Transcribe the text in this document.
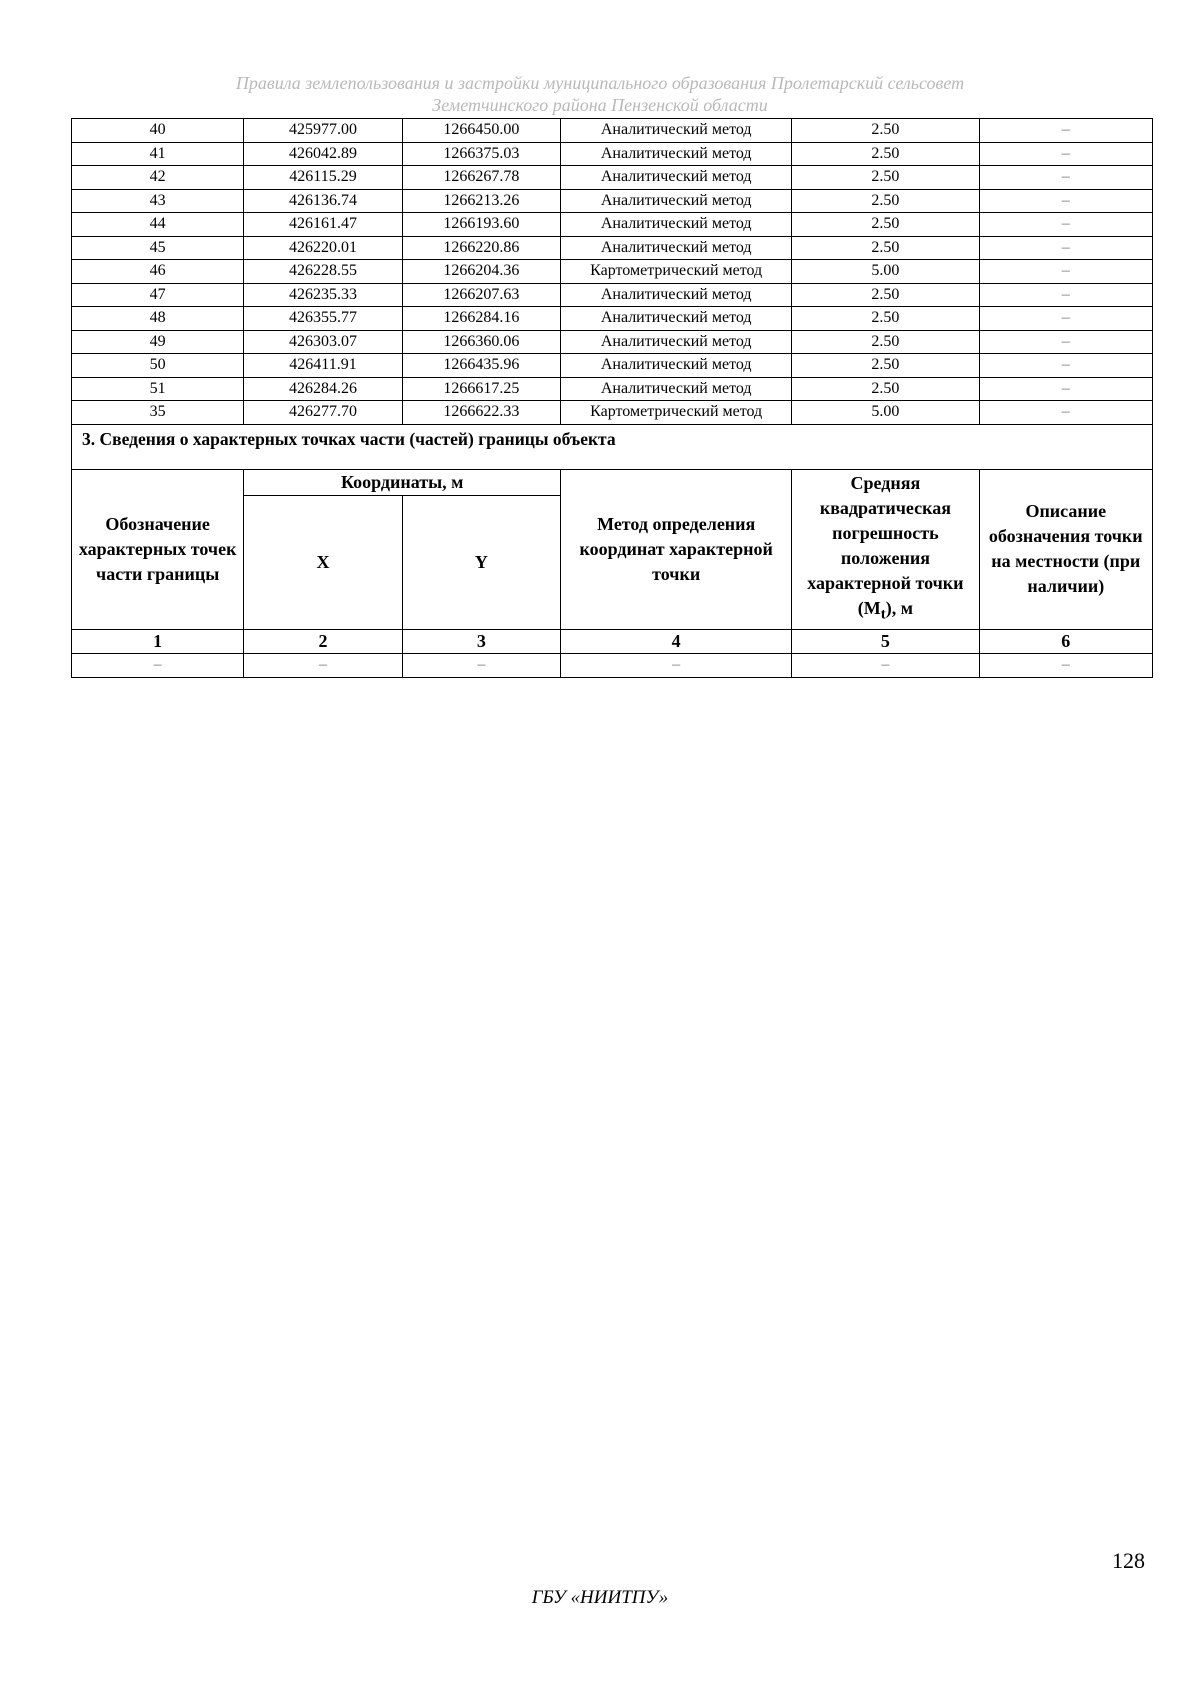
Правила землепользования и застройки муниципального образования Пролетарский сельсовет
Земетчинского района Пензенской области
40	425977.00	1266450.00	Аналитический метод	2.50	–
41	426042.89	1266375.03	Аналитический метод	2.50	–
42	426115.29	1266267.78	Аналитический метод	2.50	–
43	426136.74	1266213.26	Аналитический метод	2.50	–
44	426161.47	1266193.60	Аналитический метод	2.50	–
45	426220.01	1266220.86	Аналитический метод	2.50	–
46	426228.55	1266204.36	Картометрический метод	5.00	–
47	426235.33	1266207.63	Аналитический метод	2.50	–
48	426355.77	1266284.16	Аналитический метод	2.50	–
49	426303.07	1266360.06	Аналитический метод	2.50	–
50	426411.91	1266435.96	Аналитический метод	2.50	–
51	426284.26	1266617.25	Аналитический метод	2.50	–
35	426277.70	1266622.33	Картометрический метод	5.00	–
3. Сведения о характерных точках части (частей) границы объекта					
Обозначение характерных точек части границы	Координаты, м		Метод определения координат характерной точки	Средняя квадратическая погрешность положения характерной точки $(M_t)$, м	Описание обозначения точки на местности (при наличии)
	X	Y			
1	2	3	4	5	6
–	–	–	–	–	–
128
ГБУ «НИИТПУ»
